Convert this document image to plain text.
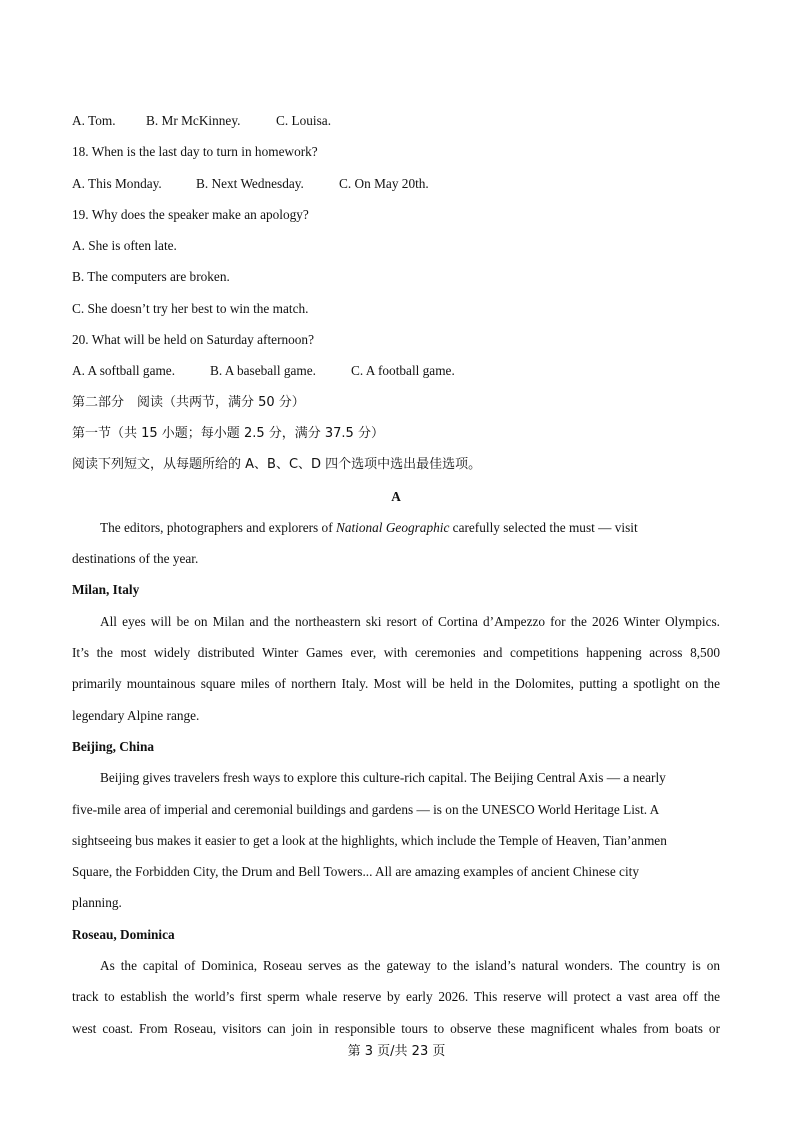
A. Tom. B. Mr McKinney.	C. Louisa.
18. When is the last day to turn in homework?
A. This Monday.	B. Next Wednesday.	C. On May 20th.
19. Why does the speaker make an apology?
A. She is often late.
B. The computers are broken.
C. She doesn’t try her best to win the match.
20. What will be held on Saturday afternoon?
A. A softball game.	B. A baseball game.	C. A football game.
第二部分　阅读（共两节，满分 50 分）
第一节（共 15 小题；每小题 2.5 分，满分 37.5 分）
阅读下列短文，从每题所给的 A、B、C、D 四个选项中选出最佳选项。
A

The editors, photographers and explorers of National Geographic carefully selected the must — visit

destinations of the year.

Milan, Italy

All eyes will be on Milan and the northeastern ski resort of Cortina d’Ampezzo for the 2026 Winter Olympics.

It’s the most widely distributed Winter Games ever, with ceremonies and competitions happening across 8,500

primarily mountainous square miles of northern Italy. Most will be held in the Dolomites, putting a spotlight on the

legendary Alpine range.

Beijing, China

Beijing gives travelers fresh ways to explore this culture-rich capital. The Beijing Central Axis — a nearly

five-mile area of imperial and ceremonial buildings and gardens — is on the UNESCO World Heritage List. A

sightseeing bus makes it easier to get a look at the highlights, which include the Temple of Heaven, Tian’anmen

Square, the Forbidden City, the Drum and Bell Towers... All are amazing examples of ancient Chinese city

planning.

Roseau, Dominica

As the capital of Dominica, Roseau serves as the gateway to the island’s natural wonders. The country is on

track to establish the world’s first sperm whale reserve by early 2026. This reserve will protect a vast area off the

west coast. From Roseau, visitors can join in responsible tours to observe these magnificent whales from boats or

第 3 页/共 23 页
